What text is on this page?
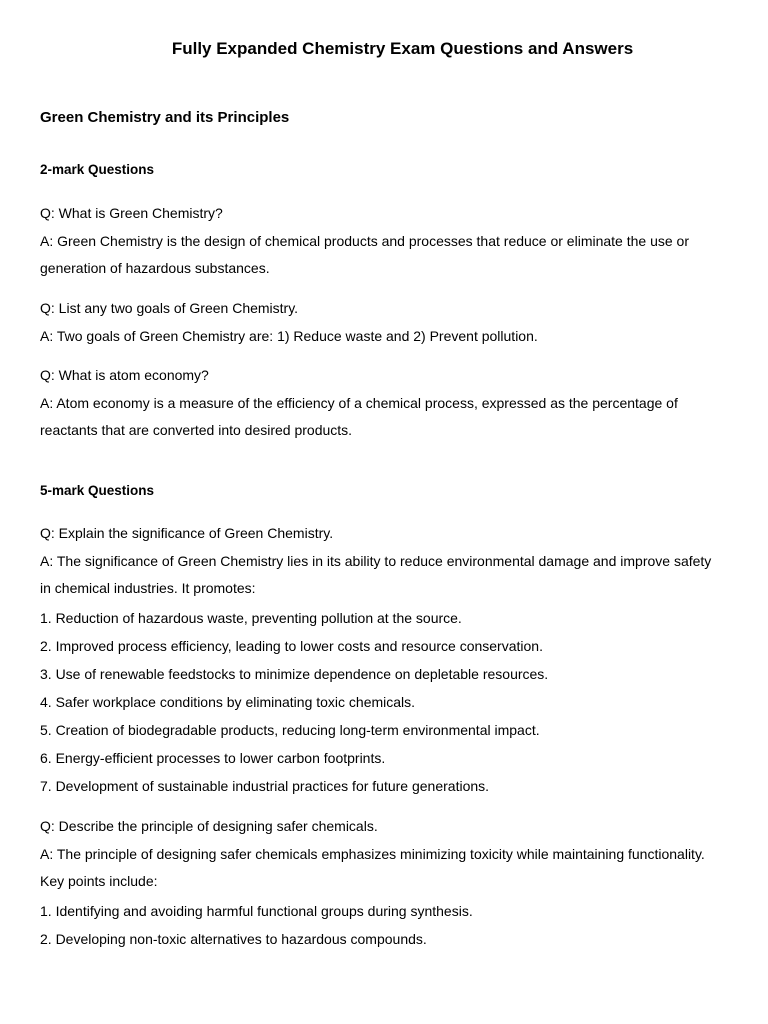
Fully Expanded Chemistry Exam Questions and Answers
Green Chemistry and its Principles
2-mark Questions
Q: What is Green Chemistry?
A: Green Chemistry is the design of chemical products and processes that reduce or eliminate the use or
generation of hazardous substances.
Q: List any two goals of Green Chemistry.
A: Two goals of Green Chemistry are: 1) Reduce waste and 2) Prevent pollution.
Q: What is atom economy?
A: Atom economy is a measure of the efficiency of a chemical process, expressed as the percentage of
reactants that are converted into desired products.
5-mark Questions
Q: Explain the significance of Green Chemistry.
A: The significance of Green Chemistry lies in its ability to reduce environmental damage and improve safety
in chemical industries. It promotes:
1. Reduction of hazardous waste, preventing pollution at the source.
2. Improved process efficiency, leading to lower costs and resource conservation.
3. Use of renewable feedstocks to minimize dependence on depletable resources.
4. Safer workplace conditions by eliminating toxic chemicals.
5. Creation of biodegradable products, reducing long-term environmental impact.
6. Energy-efficient processes to lower carbon footprints.
7. Development of sustainable industrial practices for future generations.
Q: Describe the principle of designing safer chemicals.
A: The principle of designing safer chemicals emphasizes minimizing toxicity while maintaining functionality.
Key points include:
1. Identifying and avoiding harmful functional groups during synthesis.
2. Developing non-toxic alternatives to hazardous compounds.
